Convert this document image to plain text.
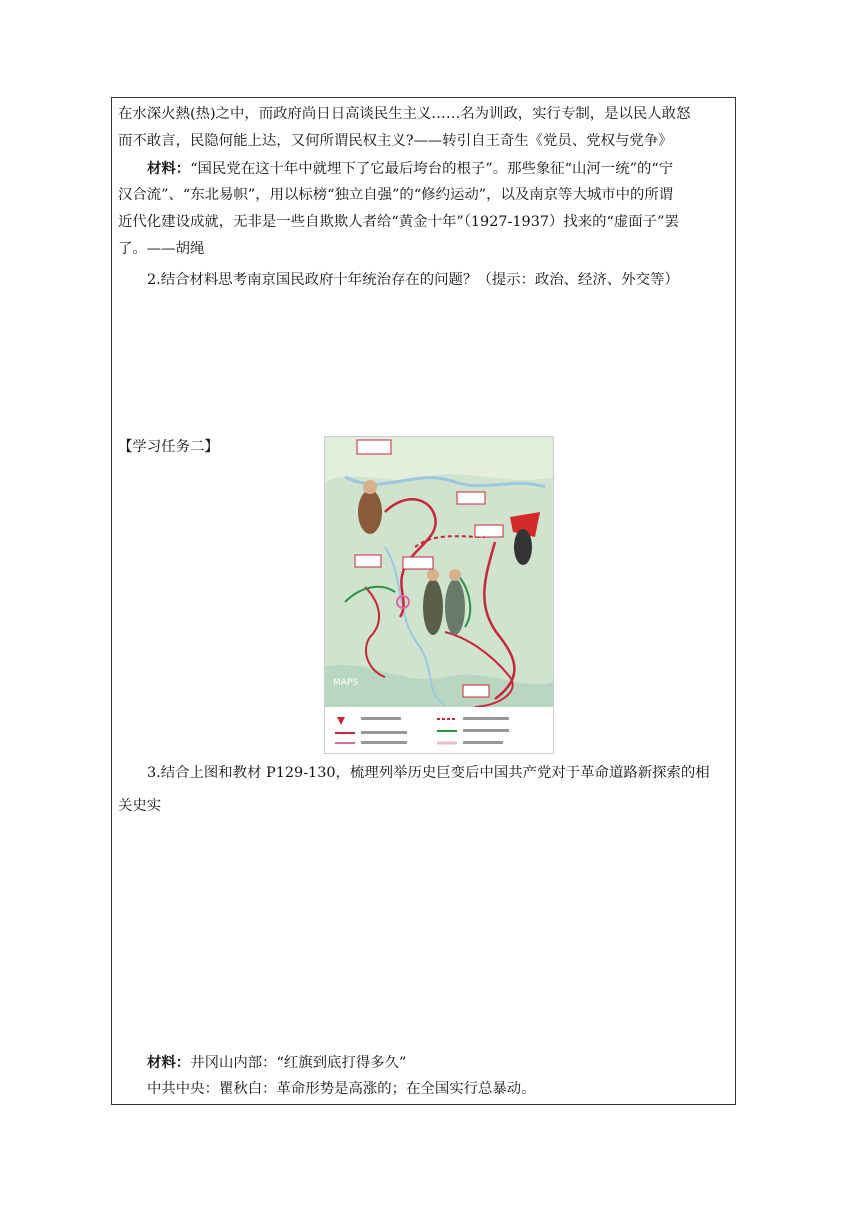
在水深火熱(热)之中，而政府尚日日高谈民生主义……名为训政，实行专制，是以民人敢怒

而不敢言，民隐何能上达，又何所谓民权主义?——转引自王奇生《党员、党权与党争》

材料：“国民党在这十年中就埋下了它最后垮台的根子”。那些象征“山河一统”的“宁

汉合流”、“东北易帜”，用以标榜“独立自强”的“修约运动”，以及南京等大城市中的所谓

近代化建设成就，无非是一些自欺欺人者给“黄金十年”（1927-1937）找来的“虚面子”罢

了。——胡绳

2.结合材料思考南京国民政府十年统治存在的问题？（提示：政治、经济、外交等）

【学习任务二】

MAPS

3.结合上图和教材 P129-130，梳理列举历史巨变后中国共产党对于革命道路新探索的相

关史实

材料：井冈山内部：“红旗到底打得多久”

中共中央：瞿秋白：革命形势是高涨的；在全国实行总暴动。
